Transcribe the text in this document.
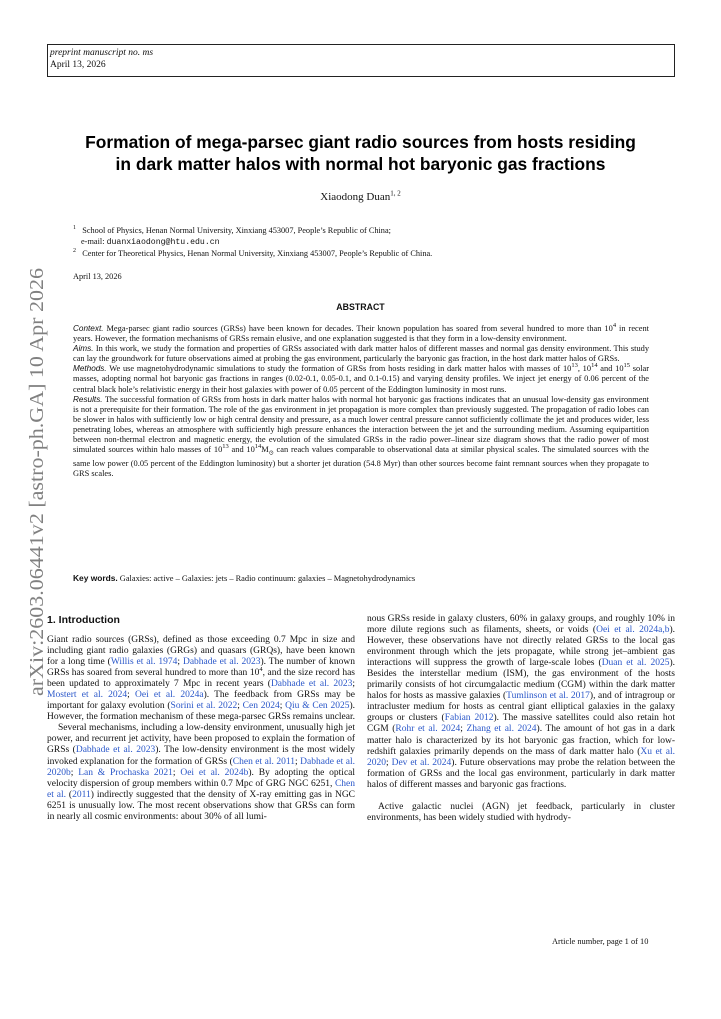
preprint manuscript no. ms
April 13, 2026
Formation of mega-parsec giant radio sources from hosts residing
in dark matter halos with normal hot baryonic gas fractions
Xiaodong Duan$^{1, 2}$
$^1$ School of Physics, Henan Normal University, Xinxiang 453007, People’s Republic of China;
e-mail: duanxiaodong@htu.edu.cn
$^2$ Center for Theoretical Physics, Henan Normal University, Xinxiang 453007, People’s Republic of China.
April 13, 2026
ABSTRACT

Context. Mega-parsec giant radio sources (GRSs) have been known for decades. Their known population has soared from several hundred to more than $10^4$ in recent years. However, the formation mechanisms of GRSs remain elusive, and one explanation suggested is that they form in a low-density environment.

Aims. In this work, we study the formation and properties of GRSs associated with dark matter halos of different masses and normal gas density environment. This study can lay the groundwork for future observations aimed at probing the gas environment, particularly the baryonic gas fraction, in the host dark matter halos of GRSs.

Methods. We use magnetohydrodynamic simulations to study the formation of GRSs from hosts residing in dark matter halos with masses of $10^{13}$, $10^{14}$ and $10^{15}$ solar masses, adopting normal hot baryonic gas fractions in ranges (0.02-0.1, 0.05-0.1, and 0.1-0.15) and varying density profiles. We inject jet energy of 0.06 percent of the central black hole’s relativistic energy in their host galaxies with power of 0.05 percent of the Eddington luminosity in most runs.

Results. The successful formation of GRSs from hosts in dark matter halos with normal hot baryonic gas fractions indicates that an unusual low-density gas environment is not a prerequisite for their formation. The role of the gas environment in jet propagation is more complex than previously suggested. The propagation of radio lobes can be slower in halos with sufficiently low or high central density and pressure, as a much lower central pressure cannot sufficiently collimate the jet and produces wider, less penetrating lobes, whereas an atmosphere with sufficiently high pressure enhances the interaction between the jet and the surrounding medium. Assuming equipartition between non-thermal electron and magnetic energy, the evolution of the simulated GRSs in the radio power–linear size diagram shows that the radio power of most simulated sources within halo masses of $10^{13}$ and $10^{14}M_⊙$ can reach values comparable to observational data at similar physical scales. The simulated sources with the same low power (0.05 percent of the Eddington luminosity) but a shorter jet duration (54.8 Myr) than other sources become faint remnant sources when they propagate to GRS scales.

Key words. Galaxies: active – Galaxies: jets – Radio continuum: galaxies – Magnetohydrodynamics
1. Introduction

Giant radio sources (GRSs), defined as those exceeding 0.7 Mpc in size and including giant radio galaxies (GRGs) and quasars (GRQs), have been known for a long time (Willis et al. 1974; Dabhade et al. 2023). The number of known GRSs has soared from several hundred to more than $10^4$, and the size record has been updated to approximately 7 Mpc in recent years (Dabhade et al. 2023; Mostert et al. 2024; Oei et al. 2024a). The feedback from GRSs may be important for galaxy evolution (Sorini et al. 2022; Cen 2024; Qiu & Cen 2025). However, the formation mechanism of these mega-parsec GRSs remains unclear.

Several mechanisms, including a low-density environment, unusually high jet power, and recurrent jet activity, have been proposed to explain the formation of GRSs (Dabhade et al. 2023). The low-density environment is the most widely invoked explanation for the formation of GRSs (Chen et al. 2011; Dabhade et al. 2020b; Lan & Prochaska 2021; Oei et al. 2024b). By adopting the optical velocity dispersion of group members within 0.7 Mpc of GRG NGC 6251, Chen et al. (2011) indirectly suggested that the density of X-ray emitting gas in NGC 6251 is unusually low. The most recent observations show that GRSs can form in nearly all cosmic environments: about 30% of all lumi-

nous GRSs reside in galaxy clusters, 60% in galaxy groups, and roughly 10% in more dilute regions such as filaments, sheets, or voids (Oei et al. 2024a,b). However, these observations have not directly related GRSs to the local gas environment through which the jets propagate, while strong jet–ambient gas interactions will suppress the growth of large-scale lobes (Duan et al. 2025). Besides the interstellar medium (ISM), the gas environment of the hosts primarily consists of hot circumgalactic medium (CGM) within the dark matter halos for hosts as massive galaxies (Tumlinson et al. 2017), and of intragroup or intracluster medium for hosts as central giant elliptical galaxies in the galaxy groups or clusters (Fabian 2012). The massive satellites could also retain hot CGM (Rohr et al. 2024; Zhang et al. 2024). The amount of hot gas in a dark matter halo is characterized by its hot baryonic gas fraction, which for low-redshift galaxies primarily depends on the mass of dark matter halo (Xu et al. 2020; Dev et al. 2024). Future observations may probe the relation between the formation of GRSs and the local gas environment, particularly in dark matter halos of different masses and baryonic gas fractions.

Active galactic nuclei (AGN) jet feedback, particularly in cluster environments, has been widely studied with hydrody-

arXiv:2603.06441v2 [astro-ph.GA] 10 Apr 2026
Article number, page 1 of 10
